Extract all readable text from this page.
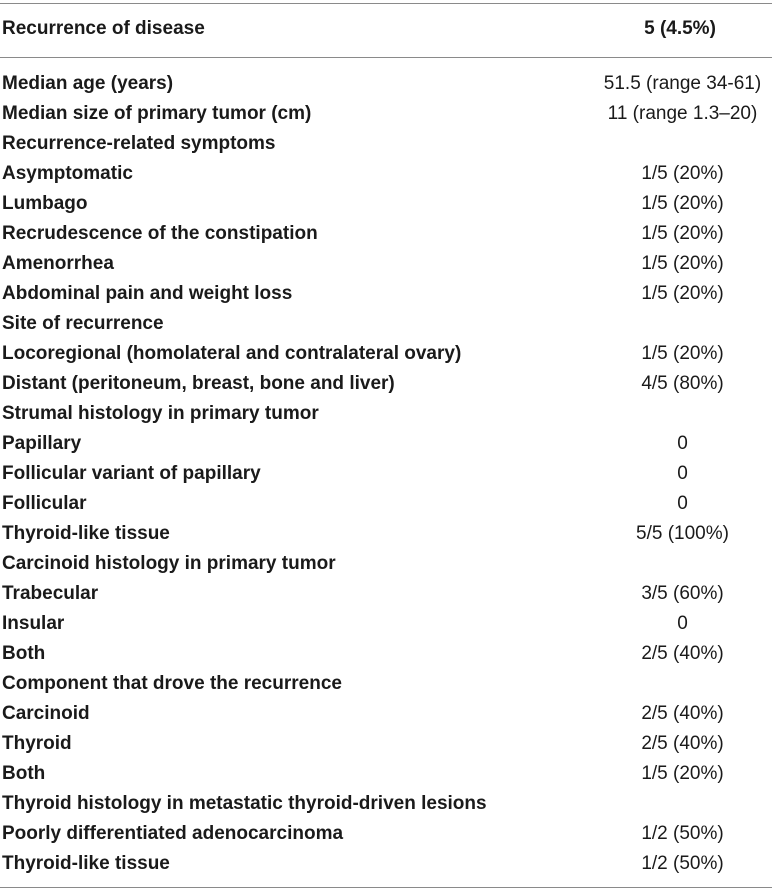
Recurrence of disease	5 (4.5%)
Median age (years)	51.5 (range 34-61)
Median size of primary tumor (cm)	11 (range 1.3–20)
Recurrence-related symptoms
Asymptomatic	1/5 (20%)
Lumbago	1/5 (20%)
Recrudescence of the constipation	1/5 (20%)
Amenorrhea	1/5 (20%)
Abdominal pain and weight loss	1/5 (20%)
Site of recurrence
Locoregional (homolateral and contralateral ovary)	1/5 (20%)
Distant (peritoneum, breast, bone and liver)	4/5 (80%)
Strumal histology in primary tumor
Papillary	0
Follicular variant of papillary	0
Follicular	0
Thyroid-like tissue	5/5 (100%)
Carcinoid histology in primary tumor
Trabecular	3/5 (60%)
Insular	0
Both	2/5 (40%)
Component that drove the recurrence
Carcinoid	2/5 (40%)
Thyroid	2/5 (40%)
Both	1/5 (20%)
Thyroid histology in metastatic thyroid-driven lesions
Poorly differentiated adenocarcinoma	1/2 (50%)
Thyroid-like tissue	1/2 (50%)
